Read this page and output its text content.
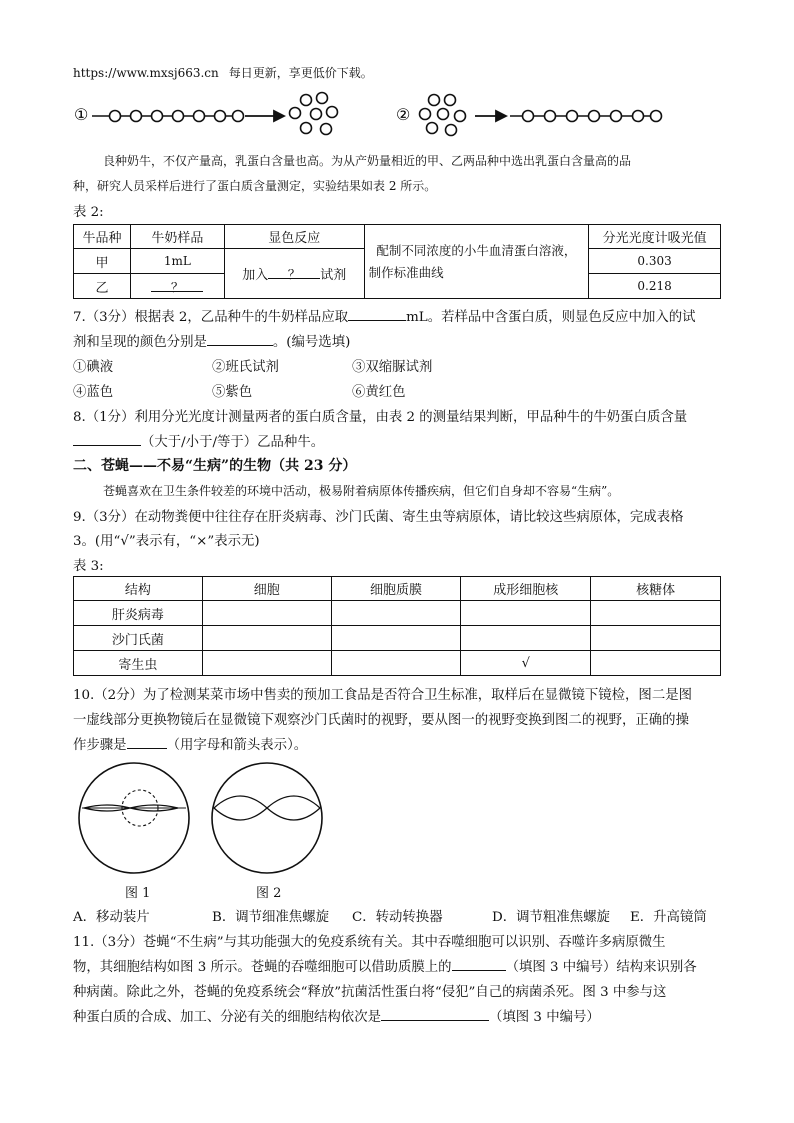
https://www.mxsj663.cn 每日更新，享更低价下载。
①	②
良种奶牛，不仅产量高，乳蛋白含量也高。为从产奶量相近的甲、乙两品种中选出乳蛋白含量高的品
种，研究人员采样后进行了蛋白质含量测定，实验结果如表 2 所示。
表 2:
牛品种	牛奶样品	显色反应	配制不同浓度的小牛血清蛋白溶液，
制作标准曲线	分光光度计吸光值
甲	1mL	加入 ？ 试剂		0.303
乙	？			0.218
7.（3分）根据表 2，乙品种牛的牛奶样品应取	mL。若样品中含蛋白质，则显色反应中加入的试
剂和呈现的颜色分别是	。(编号选填)
①碘液	②班氏试剂	③双缩脲试剂
④蓝色	⑤紫色	⑥黄红色
8.（1分）利用分光光度计测量两者的蛋白质含量，由表 2 的测量结果判断，甲品种牛的牛奶蛋白质含量
（大于/小于/等于）乙品种牛。
二、苍蝇——不易“生病”的生物（共 23 分）
苍蝇喜欢在卫生条件较差的环境中活动，极易附着病原体传播疾病，但它们自身却不容易“生病”。
9.（3分）在动物粪便中往往存在肝炎病毒、沙门氏菌、寄生虫等病原体，请比较这些病原体，完成表格
3。(用“√”表示有，“×”表示无)
表 3:
结构	细胞	细胞质膜	成形细胞核	核糖体
肝炎病毒				
沙门氏菌				
寄生虫			√	
10.（2分）为了检测某菜市场中售卖的预加工食品是否符合卫生标准，取样后在显微镜下镜检，图二是图
一虚线部分更换物镜后在显微镜下观察沙门氏菌时的视野，要从图一的视野变换到图二的视野，正确的操
作步骤是	（用字母和箭头表示）。
图 1	图 2
A．移动装片	B．调节细准焦螺旋 C．转动转换器	D．调节粗准焦螺旋 E．升高镜筒
11.（3分）苍蝇“不生病”与其功能强大的免疫系统有关。其中吞噬细胞可以识别、吞噬许多病原微生
物，其细胞结构如图 3 所示。苍蝇的吞噬细胞可以借助质膜上的	（填图 3 中编号）结构来识别各
种病菌。除此之外，苍蝇的免疫系统会“释放”抗菌活性蛋白将“侵犯”自己的病菌杀死。图 3 中参与这
种蛋白质的合成、加工、分泌有关的细胞结构依次是	（填图 3 中编号）
